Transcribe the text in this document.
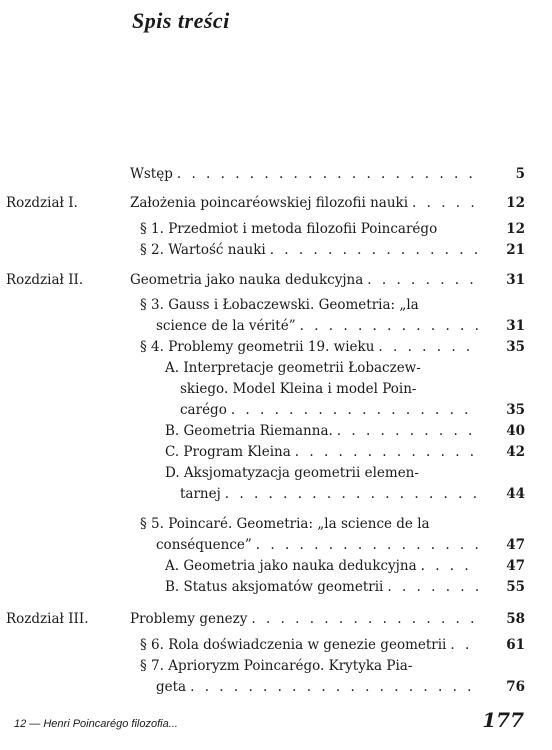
Spis treści
Wstęp . . .	5
Rozdział I.	Założenia poincaréowskiej filozofii nauki . . .	12
§ 1. Przedmiot i metoda filozofii Poincarégo	12
§ 2. Wartość nauki . . .	21
Rozdział II.	Geometria jako nauka dedukcyjna . . .	31
§ 3. Gauss i Łobaczewski. Geometria: „la
science de la vérité” . . .	31
§ 4. Problemy geometrii 19. wieku . . .	35
A. Interpretacje geometrii Łobaczew-
skiego. Model Kleina i model Poin-
carégo . . .	35
B. Geometria Riemanna. . . .	40
C. Program Kleina . . .	42
D. Aksjomatyzacja geometrii elemen-
tarnej . . .	44
§ 5. Poincaré. Geometria: „la science de la
conséquence” . . .	47
A. Geometria jako nauka dedukcyjna . . .	47
B. Status aksjomatów geometrii . . .	55
Rozdział III.	Problemy genezy . . .	58
§ 6. Rola doświadczenia w genezie geometrii . . .	61
§ 7. Aprioryzm Poincarégo. Krytyka Pia-
geta . . .	76
12 — Henri Poincarégo filozofia...	177
